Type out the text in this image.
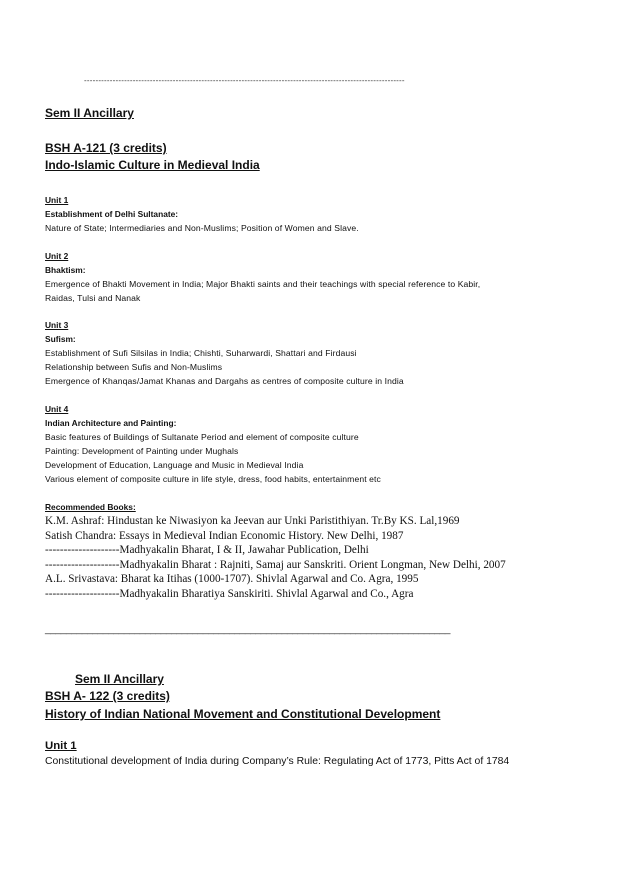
----------------------------------------------------------------------------------------------------------------
Sem II Ancillary
BSH A-121 (3 credits)
Indo-Islamic Culture in Medieval India
Unit 1
Establishment of Delhi Sultanate:
Nature of State; Intermediaries and Non-Muslims; Position of Women and Slave.
Unit 2
Bhaktism:
Emergence of Bhakti Movement in India; Major Bhakti saints and their teachings with special reference to Kabir,
Raidas, Tulsi and Nanak
Unit 3
Sufism:
Establishment of Sufi Silsilas in India; Chishti, Suharwardi, Shattari and Firdausi
Relationship between Sufis and Non-Muslims
Emergence of Khanqas/Jamat Khanas and Dargahs as centres of composite culture in India
Unit 4
Indian Architecture and Painting:
Basic features of Buildings of Sultanate Period and element of composite culture
Painting: Development of Painting under Mughals
Development of Education, Language and Music in Medieval India
Various element of composite culture in life style, dress, food habits, entertainment etc
Recommended Books:
K.M. Ashraf: Hindustan ke Niwasiyon ka Jeevan aur Unki Paristithiyan. Tr.By KS. Lal,1969
Satish Chandra: Essays in Medieval Indian Economic History. New Delhi, 1987
--------------------Madhyakalin Bharat, I & II, Jawahar Publication, Delhi
--------------------Madhyakalin Bharat : Rajniti, Samaj aur Sanskriti. Orient Longman, New Delhi, 2007
A.L. Srivastava: Bharat ka Itihas (1000-1707). Shivlal Agarwal and Co. Agra, 1995
--------------------Madhyakalin Bharatiya Sanskiriti. Shivlal Agarwal and Co., Agra
_____________________________________________________________________________
Sem II Ancillary
BSH A- 122 (3 credits)
History of Indian National Movement and Constitutional Development
Unit 1
Constitutional development of India during Company’s Rule: Regulating Act of 1773, Pitts Act of 1784
